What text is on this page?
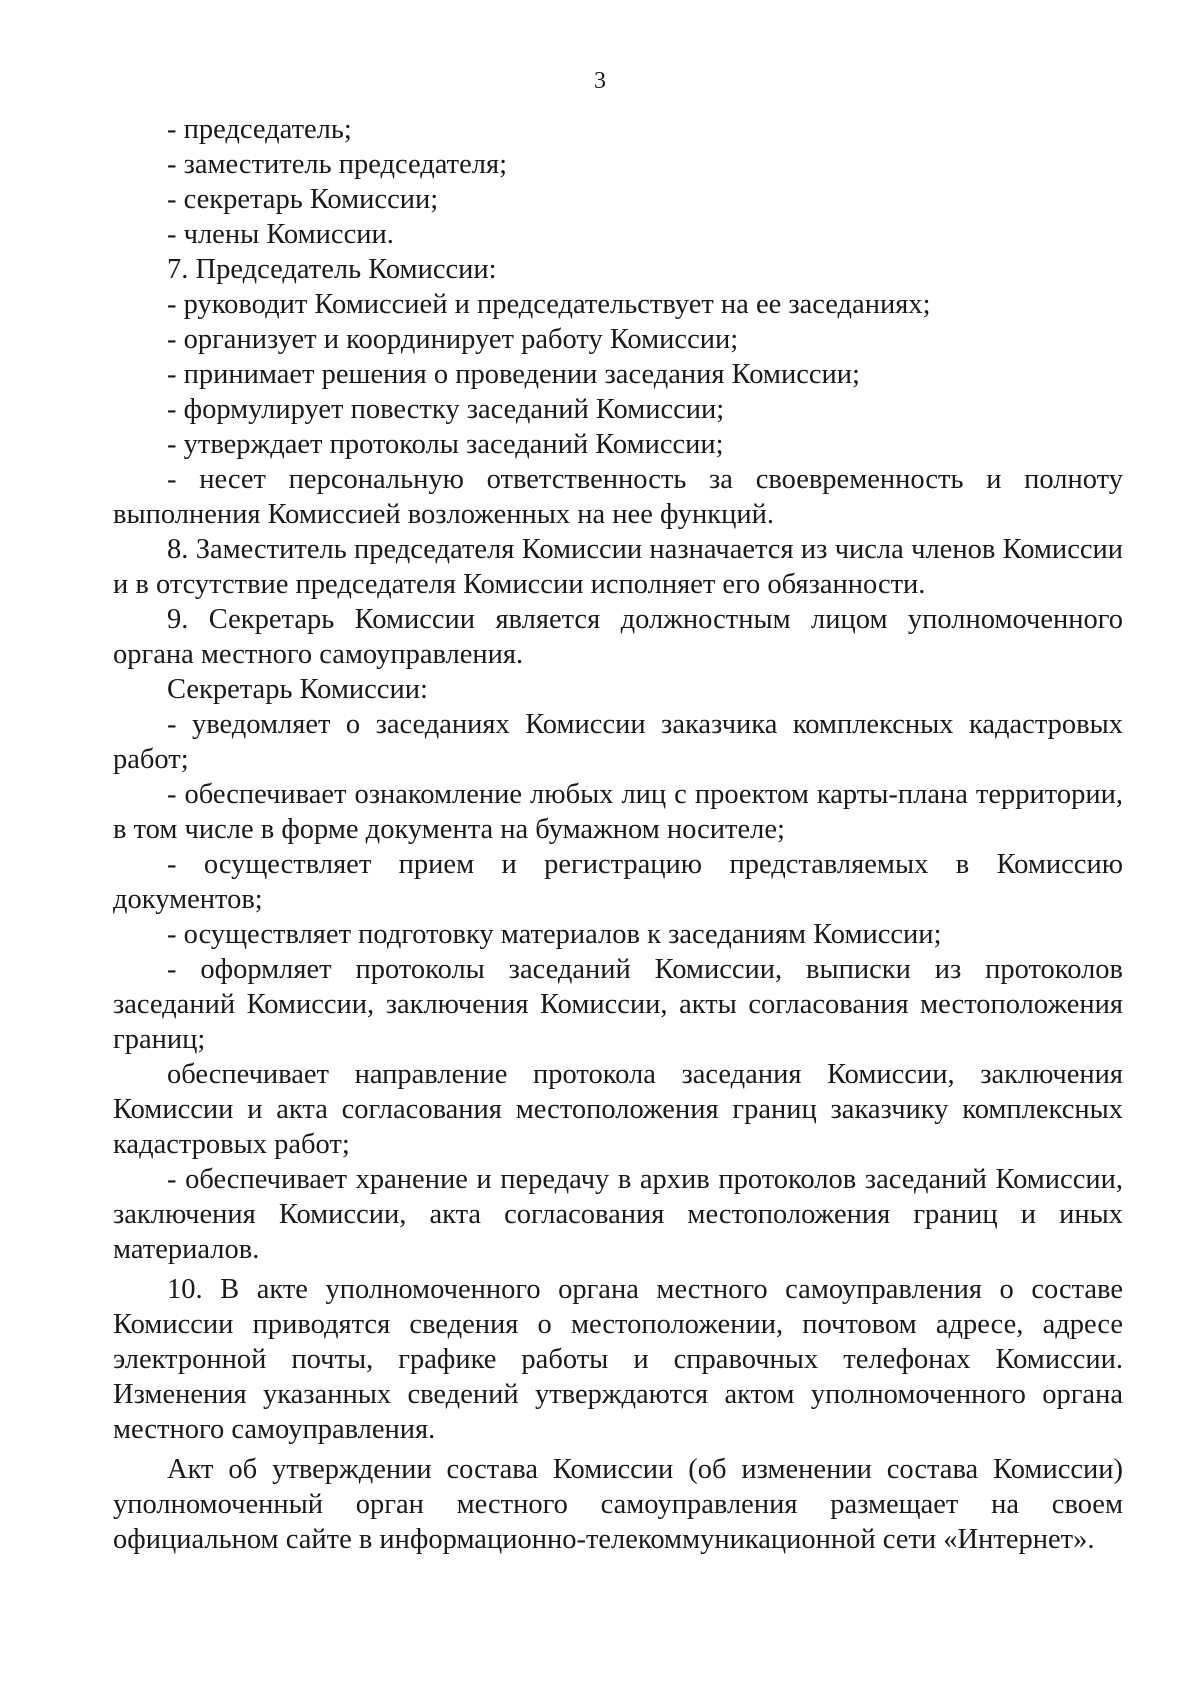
3

- председатель;

- заместитель председателя;

- секретарь Комиссии;

- члены Комиссии.

7. Председатель Комиссии:

- руководит Комиссией и председательствует на ее заседаниях;

- организует и координирует работу Комиссии;

- принимает решения о проведении заседания Комиссии;

- формулирует повестку заседаний Комиссии;

- утверждает протоколы заседаний Комиссии;

- несет персональную ответственность за своевременность и полноту выполнения Комиссией возложенных на нее функций.

8. Заместитель председателя Комиссии назначается из числа членов Комиссии и в отсутствие председателя Комиссии исполняет его обязанности.

9. Секретарь Комиссии является должностным лицом уполномоченного органа местного самоуправления.

Секретарь Комиссии:

- уведомляет о заседаниях Комиссии заказчика комплексных кадастровых работ;

- обеспечивает ознакомление любых лиц с проектом карты-плана территории, в том числе в форме документа на бумажном носителе;

- осуществляет прием и регистрацию представляемых в Комиссию документов;

- осуществляет подготовку материалов к заседаниям Комиссии;

- оформляет протоколы заседаний Комиссии, выписки из протоколов заседаний Комиссии, заключения Комиссии, акты согласования местоположения границ;

обеспечивает направление протокола заседания Комиссии, заключения Комиссии и акта согласования местоположения границ заказчику комплексных кадастровых работ;

- обеспечивает хранение и передачу в архив протоколов заседаний Комиссии, заключения Комиссии, акта согласования местоположения границ и иных материалов.

10. В акте уполномоченного органа местного самоуправления о составе Комиссии приводятся сведения о местоположении, почтовом адресе, адресе электронной почты, графике работы и справочных телефонах Комиссии. Изменения указанных сведений утверждаются актом уполномоченного органа местного самоуправления.

Акт об утверждении состава Комиссии (об изменении состава Комиссии) уполномоченный орган местного самоуправления размещает на своем официальном сайте в информационно-телекоммуникационной сети «Интернет».
